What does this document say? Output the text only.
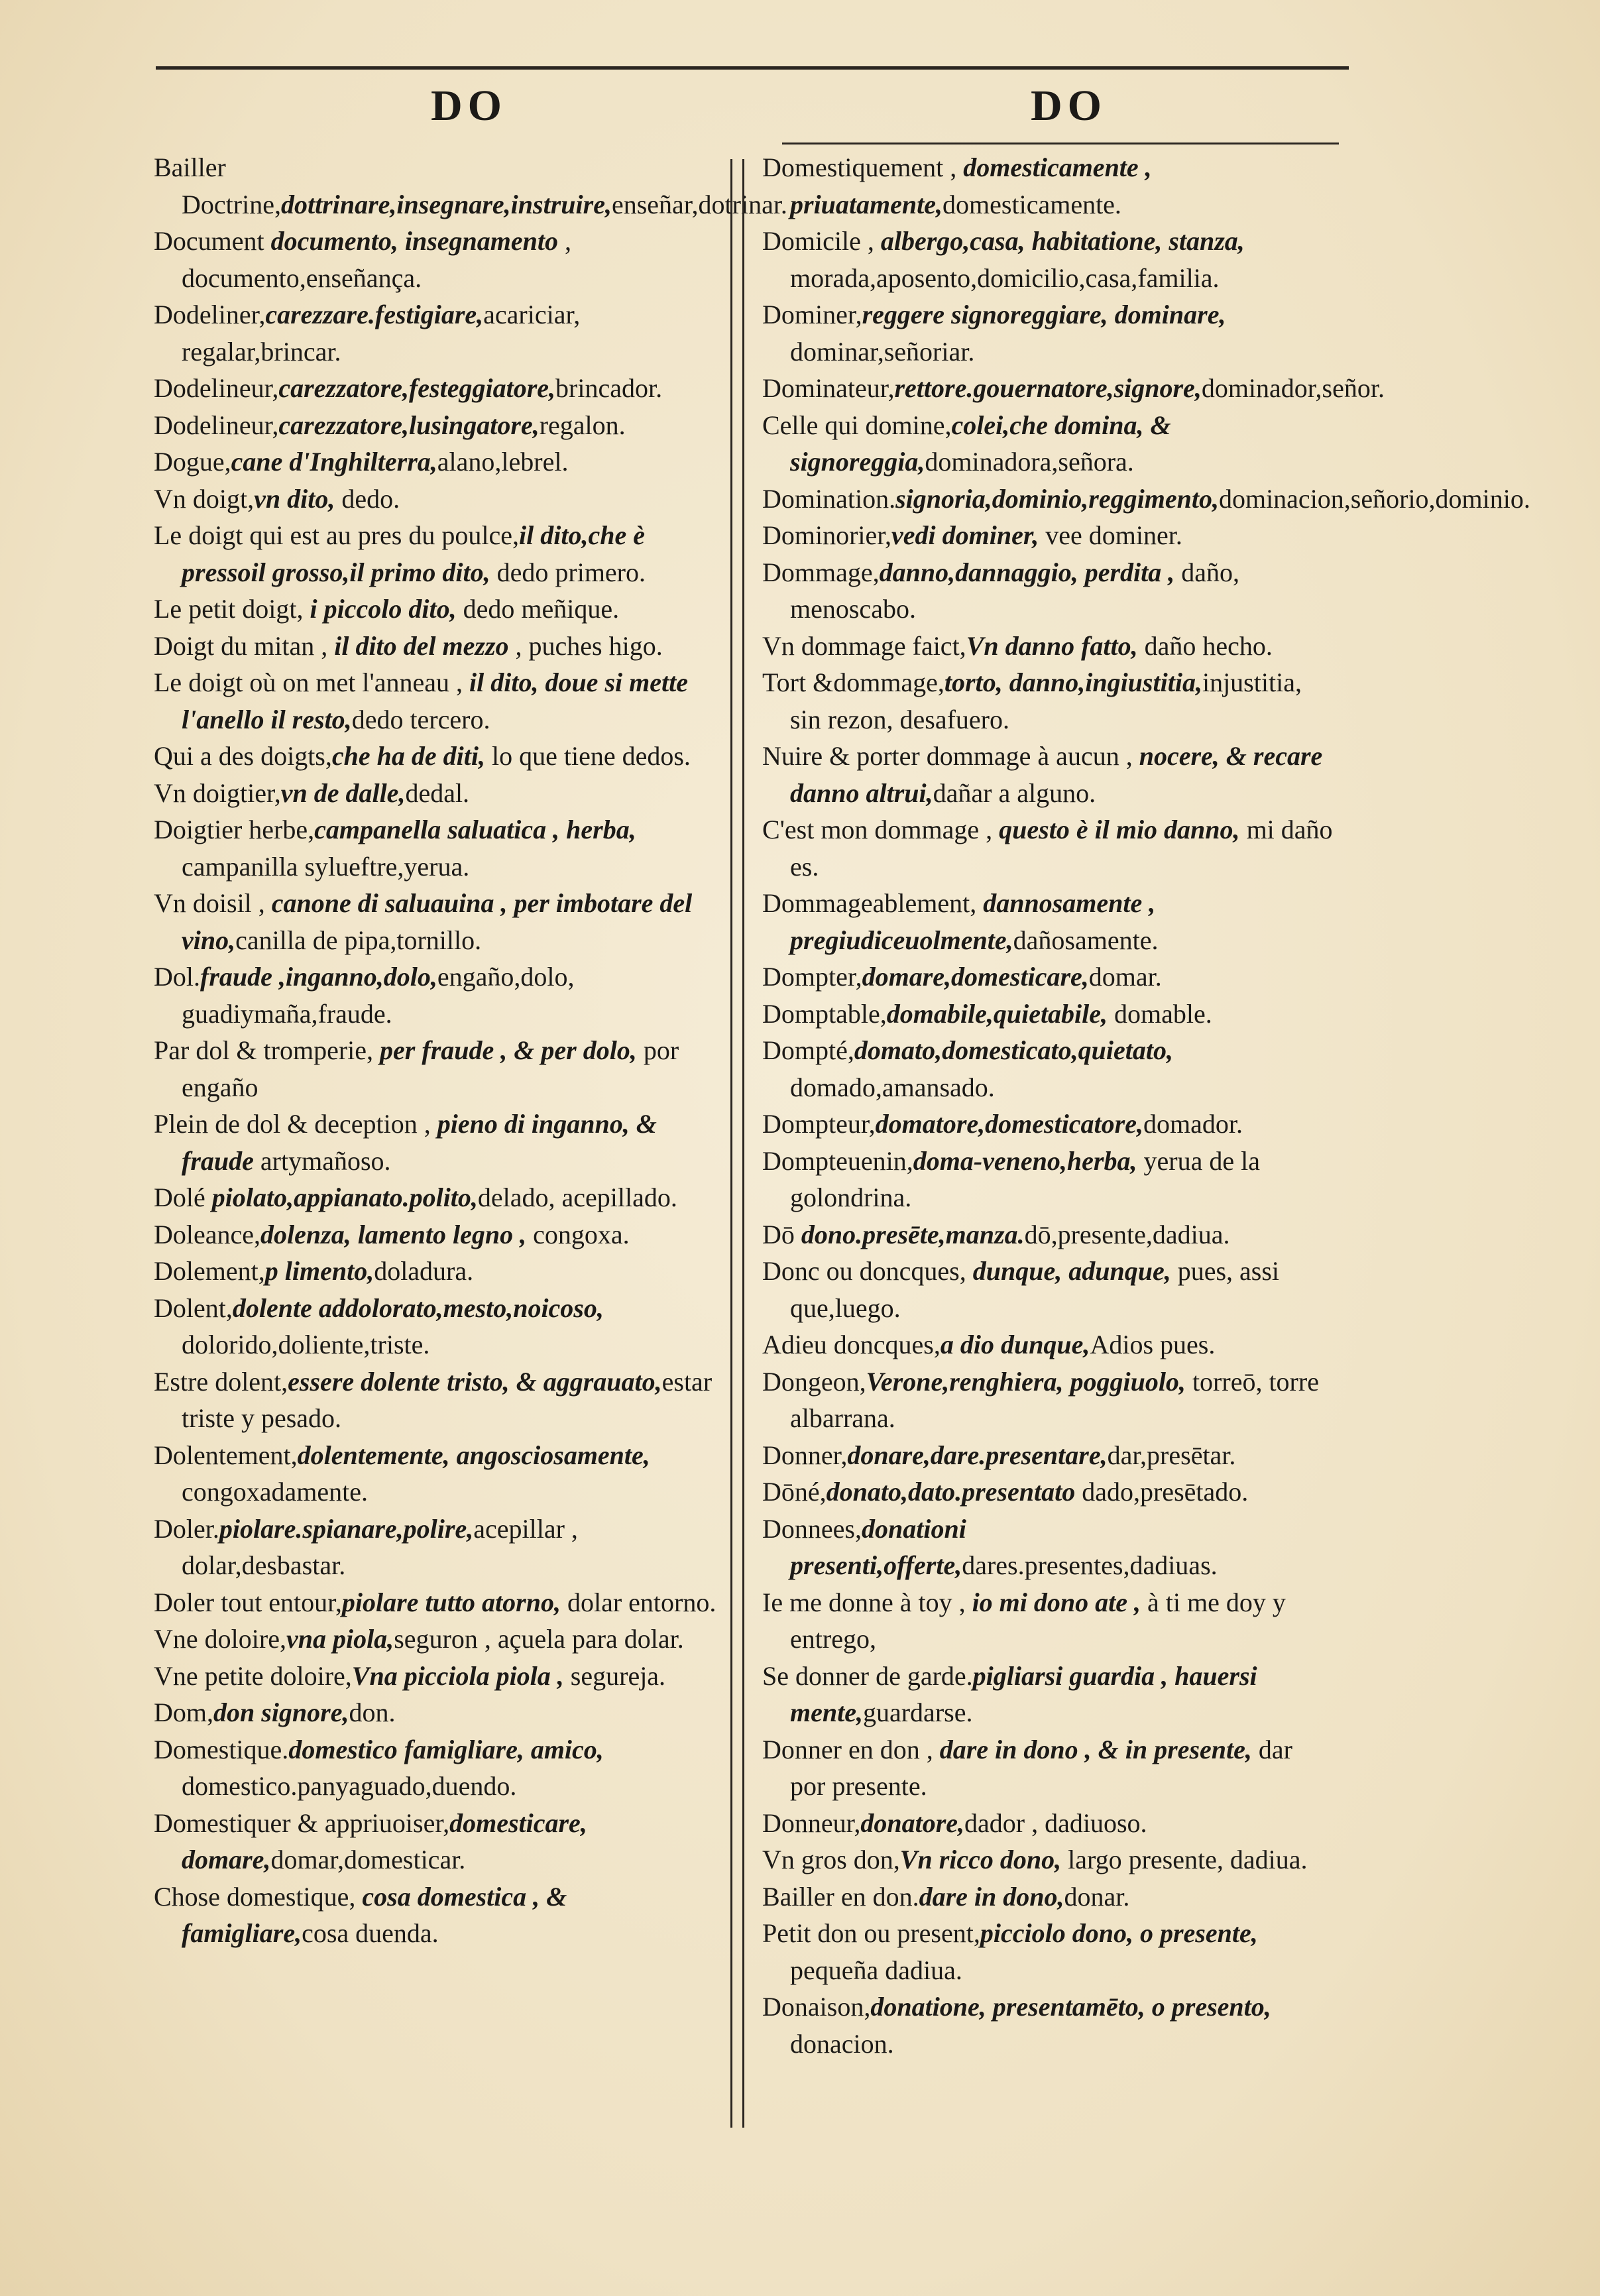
DO	DO
Bailler Doctrine,dottrinare,insegnare,instruire,enseñar,dotrinar.
Document documento, insegnamento , documento,enseñança.
Dodeliner,carezzare.festigiare,acariciar, regalar,brincar.
Dodelineur,carezzatore,festeggiatore,brincador.
Dodelineur,carezzatore,lusingatore,regalon.
Dogue,cane d'Inghilterra,alano,lebrel.
Vn doigt,vn dito, dedo.
Le doigt qui est au pres du poulce,il dito,che è pressoil grosso,il primo dito, dedo primero.
Le petit doigt, i piccolo dito, dedo meñique.
Doigt du mitan , il dito del mezzo , puches higo.
Le doigt où on met l'anneau , il dito, doue si mette l'anello il resto,dedo tercero.
Qui a des doigts,che ha de diti, lo que tiene dedos.
Vn doigtier,vn de dalle,dedal.
Doigtier herbe,campanella saluatica , herba, campanilla sylueftre,yerua.
Vn doisil , canone di saluauina , per imbotare del vino,canilla de pipa,tornillo.
Dol.fraude ,inganno,dolo,engaño,dolo, guadiymaña,fraude.
Par dol & tromperie, per fraude , & per dolo, por engaño
Plein de dol & deception , pieno di inganno, & fraude artymañoso.
Dolé piolato,appianato.polito,delado, acepillado.
Doleance,dolenza, lamento legno , congoxa.
Dolement,p limento,doladura.
Dolent,dolente addolorato,mesto,noicoso, dolorido,doliente,triste.
Estre dolent,essere dolente tristo, & aggrauato,estar triste y pesado.
Dolentement,dolentemente, angosciosamente, congoxadamente.
Doler.piolare.spianare,polire,acepillar , dolar,desbastar.
Doler tout entour,piolare tutto atorno, dolar entorno.
Vne doloire,vna piola,seguron , açuela para dolar.
Vne petite doloire,Vna picciola piola , segureja.
Dom,don signore,don.
Domestique.domestico famigliare, amico, domestico.panyaguado,duendo.
Domestiquer & appriuoiser,domesticare, domare,domar,domesticar.
Chose domestique, cosa domestica , & famigliare,cosa duenda.
Domestiquement , domesticamente , priuatamente,domesticamente.
Domicile , albergo,casa, habitatione, stanza, morada,aposento,domicilio,casa,familia.
Dominer,reggere signoreggiare, dominare, dominar,señoriar.
Dominateur,rettore.gouernatore,signore,dominador,señor.
Celle qui domine,colei,che domina, & signoreggia,dominadora,señora.
Domination.signoria,dominio,reggimento,dominacion,señorio,dominio.
Dominorier,vedi dominer, vee dominer.
Dommage,danno,dannaggio, perdita , daño, menoscabo.
Vn dommage faict,Vn danno fatto, daño hecho.
Tort &dommage,torto, danno,ingiustitia,injustitia, sin rezon, desafuero.
Nuire & porter dommage à aucun , nocere, & recare danno altrui,dañar a alguno.
C'est mon dommage , questo è il mio danno, mi daño es.
Dommageablement, dannosamente , pregiudiceuolmente,dañosamente.
Dompter,domare,domesticare,domar.
Domptable,domabile,quietabile, domable.
Dompté,domato,domesticato,quietato, domado,amansado.
Dompteur,domatore,domesticatore,domador.
Dompteuenin,doma-veneno,herba, yerua de la golondrina.
Dō dono.presēte,manza.dō,presente,dadiua.
Donc ou doncques, dunque, adunque, pues, assi que,luego.
Adieu doncques,a dio dunque,Adios pues.
Dongeon,Verone,renghiera, poggiuolo, torreō, torre albarrana.
Donner,donare,dare.presentare,dar,presētar.
Dōné,donato,dato.presentato dado,presētado.
Donnees,donationi presenti,offerte,dares.presentes,dadiuas.
Ie me donne à toy , io mi dono ate , à ti me doy y entrego,
Se donner de garde.pigliarsi guardia , hauersi mente,guardarse.
Donner en don , dare in dono , & in presente, dar por presente.
Donneur,donatore,dador , dadiuoso.
Vn gros don,Vn ricco dono, largo presente, dadiua.
Bailler en don.dare in dono,donar.
Petit don ou present,picciolo dono, o presente, pequeña dadiua.
Donaison,donatione, presentamēto, o presento, donacion.
